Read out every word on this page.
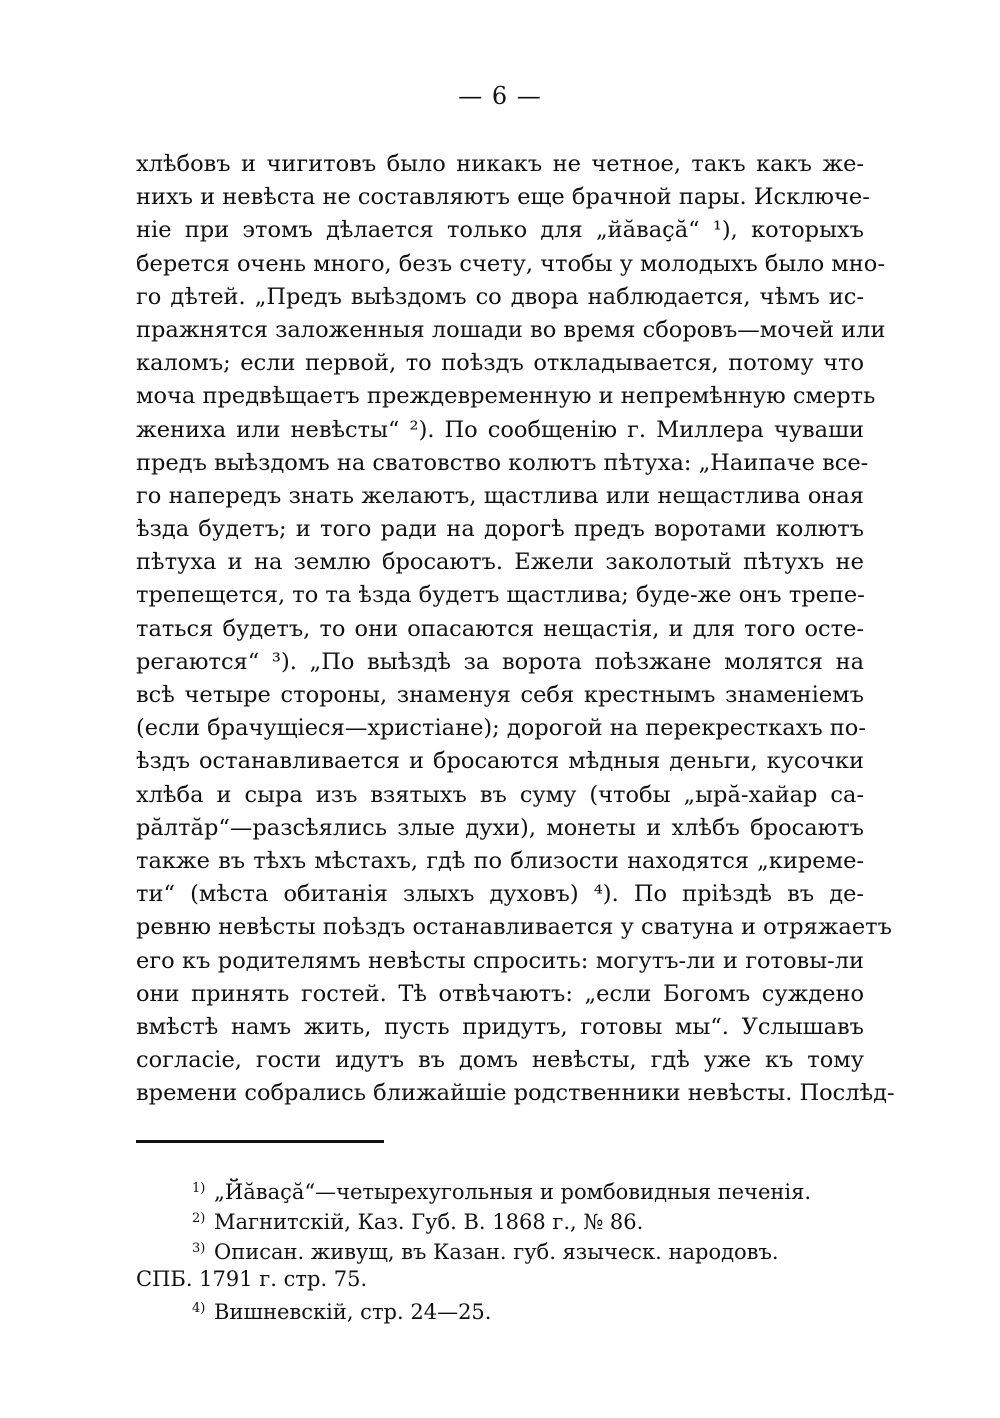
— 6 —
хлѣбовъ и чигитовъ было никакъ не четное, такъ какъ же-
нихъ и невѣста не составляютъ еще брачной пары. Исключе-
ніе при этомъ дѣлается только для „йăваҫă“ ¹), которыхъ
берется очень много, безъ счету, чтобы у молодыхъ было мно-
го дѣтей. „Предъ выѣздомъ со двора наблюдается, чѣмъ ис-
пражнятся заложенныя лошади во время сборовъ—мочей или
каломъ; если первой, то поѣздъ откладывается, потому что
моча предвѣщаетъ преждевременную и непремѣнную смерть
жениха или невѣсты“ ²). По сообщенію г. Миллера чуваши
предъ выѣздомъ на сватовство колютъ пѣтуха: „Наипаче все-
го напередъ знать желаютъ, щастлива или нещастлива оная
ѣзда будетъ; и того ради на дорогѣ предъ воротами колютъ
пѣтуха и на землю бросаютъ. Ежели заколотый пѣтухъ не
трепещется, то та ѣзда будетъ щастлива; буде-же онъ трепе-
таться будетъ, то они опасаются нещастія, и для того осте-
регаются“ ³). „По выѣздѣ за ворота поѣзжане молятся на
всѣ четыре стороны, знаменуя себя крестнымъ знаменіемъ
(если брачущіеся—христіане); дорогой на перекресткахъ по-
ѣздъ останавливается и бросаются мѣдныя деньги, кусочки
хлѣба и сыра изъ взятыхъ въ суму (чтобы „ырă-хайар са-
рăлтăр“—разсѣялись злые духи), монеты и хлѣбъ бросаютъ
также въ тѣхъ мѣстахъ, гдѣ по близости находятся „киреме-
ти“ (мѣста обитанія злыхъ духовъ) ⁴). По пріѣздѣ въ де-
ревню невѣсты поѣздъ останавливается у сватуна и отряжаетъ
его къ родителямъ невѣсты спросить: могутъ-ли и готовы-ли
они принять гостей. Тѣ отвѣчаютъ: „если Богомъ суждено
вмѣстѣ намъ жить, пусть придутъ, готовы мы“. Услышавъ
согласіе, гости идутъ въ домъ невѣсты, гдѣ уже къ тому
времени собрались ближайшіе родственники невѣсты. Послѣд-
$^{1)}$ „Йăваҫă“—четырехугольныя и ромбовидныя печенія.
$^{2)}$ Магнитскій, Каз. Губ. В. 1868 г., № 86.
$^{3)}$ Описан. живущ, въ Казан. губ. языческ. народовъ.
СПБ. 1791 г. стр. 75.
$^{4)}$ Вишневскій, стр. 24—25.
